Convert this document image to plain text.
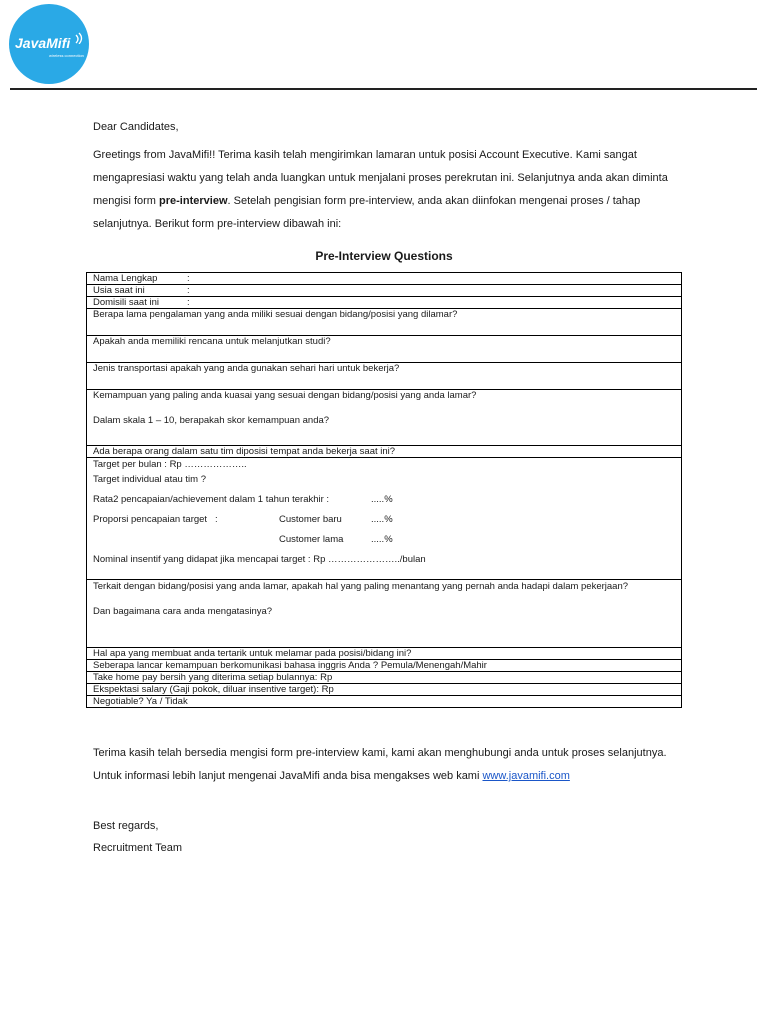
JavaMifi
wireless connection

Dear Candidates,

Greetings from JavaMifi!! Terima kasih telah mengirimkan lamaran untuk posisi Account Executive. Kami sangat mengapresiasi waktu yang telah anda luangkan untuk menjalani proses perekrutan ini. Selanjutnya anda akan diminta mengisi form pre-interview. Setelah pengisian form pre-interview, anda akan diinfokan mengenai proses / tahap selanjutnya. Berikut form pre-interview dibawah ini:

Pre-Interview Questions
Nama Lengkap	:

Usia saat ini	:

Domisili saat ini	:

Berapa lama pengalaman yang anda miliki sesuai dengan bidang/posisi yang dilamar?
Apakah anda memiliki rencana untuk melanjutkan studi?
Jenis transportasi apakah yang anda gunakan sehari hari untuk bekerja?

Kemampuan yang paling anda kuasai yang sesuai dengan bidang/posisi yang anda lamar?
Dalam skala 1 – 10, berapakah skor kemampuan anda?

Ada berapa orang dalam satu tim diposisi tempat anda bekerja saat ini?

Target per bulan : Rp ………………..
Target individual atau tim ?
Rata2 pencapaian/achievement dalam 1 tahun terakhir :	.....%
Proporsi pencapaian target   :	Customer baru	.....%
Customer lama	.....%
Nominal insentif yang didapat jika mencapai target : Rp …………………../bulan

Terkait dengan bidang/posisi yang anda lamar, apakah hal yang paling menantang yang pernah anda hadapi dalam pekerjaan?
Dan bagaimana cara anda mengatasinya?

Hal apa yang membuat anda tertarik untuk melamar pada posisi/bidang ini?
Seberapa lancar kemampuan berkomunikasi bahasa inggris Anda ? Pemula/Menengah/Mahir
Take home pay bersih yang diterima setiap bulannya: Rp
Ekspektasi salary (Gaji pokok, diluar insentive target): Rp
Negotiable? Ya / Tidak

Terima kasih telah bersedia mengisi form pre-interview kami, kami akan menghubungi anda untuk proses selanjutnya. Untuk informasi lebih lanjut mengenai JavaMifi anda bisa mengakses web kami www.javamifi.com

Best regards,
Recruitment Team
